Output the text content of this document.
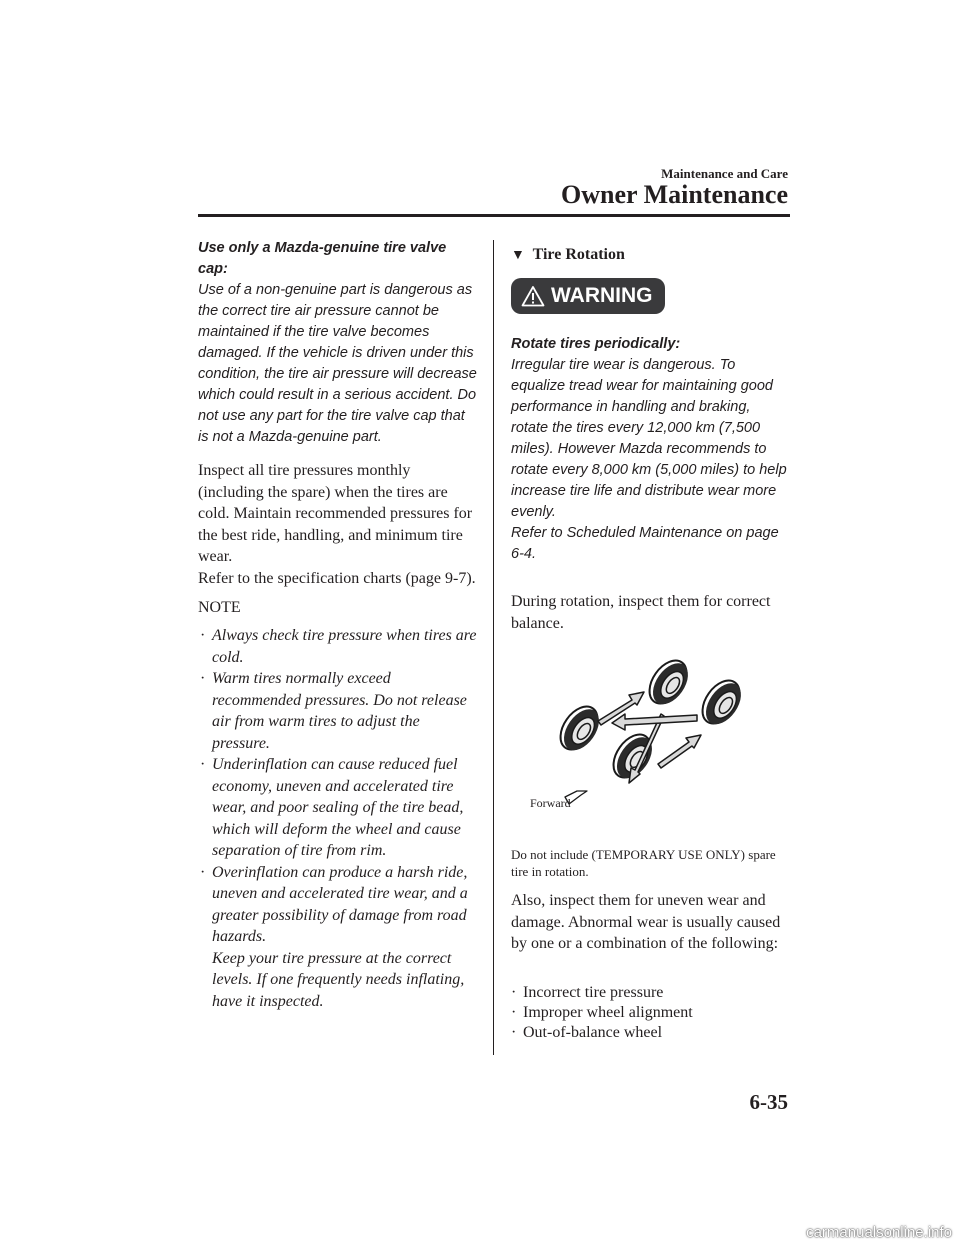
Maintenance and Care
Owner Maintenance
Use only a Mazda-genuine tire valve cap:

Use of a non-genuine part is dangerous as the correct tire air pressure cannot be maintained if the tire valve becomes damaged. If the vehicle is driven under this condition, the tire air pressure will decrease which could result in a serious accident. Do not use any part for the tire valve cap that is not a Mazda-genuine part.

Inspect all tire pressures monthly (including the spare) when the tires are cold. Maintain recommended pressures for the best ride, handling, and minimum tire wear.

Refer to the specification charts (page 9-7).

NOTE
· Always check tire pressure when tires are cold.
· Warm tires normally exceed recommended pressures. Do not release air from warm tires to adjust the pressure.
· Underinflation can cause reduced fuel economy, uneven and accelerated tire wear, and poor sealing of the tire bead, which will deform the wheel and cause separation of tire from rim.
· Overinflation can produce a harsh ride, uneven and accelerated tire wear, and a greater possibility of damage from road hazards.
Keep your tire pressure at the correct levels. If one frequently needs inflating, have it inspected.
▼ Tire Rotation
WARNING
Rotate tires periodically:

Irregular tire wear is dangerous. To equalize tread wear for maintaining good performance in handling and braking, rotate the tires every 12,000 km (7,500 miles). However Mazda recommends to rotate every 8,000 km (5,000 miles) to help increase tire life and distribute wear more evenly.

Refer to Scheduled Maintenance on page 6-4.

During rotation, inspect them for correct balance.

Forward

Do not include (TEMPORARY USE ONLY) spare tire in rotation.

Also, inspect them for uneven wear and damage. Abnormal wear is usually caused by one or a combination of the following:

· Incorrect tire pressure
· Improper wheel alignment
· Out-of-balance wheel
6-35
carmanualsonline.info
